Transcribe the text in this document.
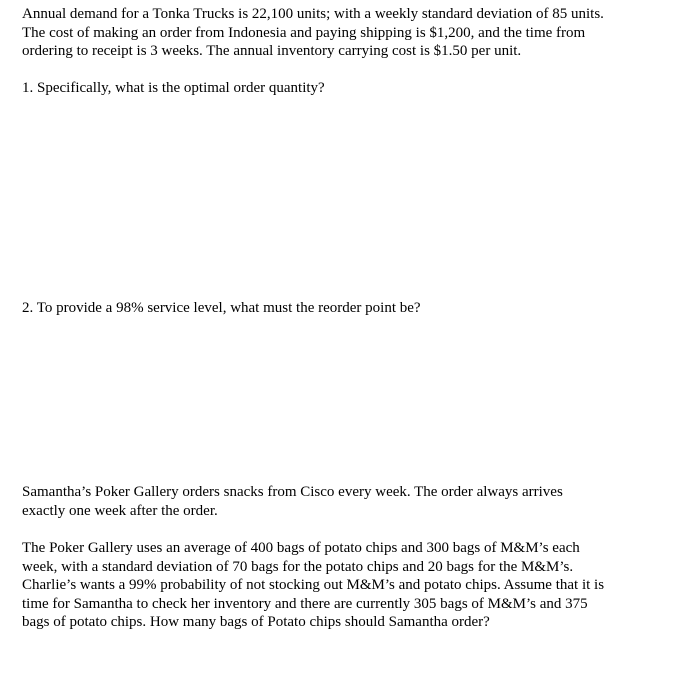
Annual demand for a Tonka Trucks is 22,100 units; with a weekly standard deviation of 85 units.
The cost of making an order from Indonesia and paying shipping is $1,200, and the time from
ordering to receipt is 3 weeks. The annual inventory carrying cost is $1.50 per unit.

1. Specifically, what is the optimal order quantity?

2. To provide a 98% service level, what must the reorder point be?

Samantha’s Poker Gallery orders snacks from Cisco every week. The order always arrives
exactly one week after the order.

The Poker Gallery uses an average of 400 bags of potato chips and 300 bags of M&M’s each
week, with a standard deviation of 70 bags for the potato chips and 20 bags for the M&M’s.
Charlie’s wants a 99% probability of not stocking out M&M’s and potato chips. Assume that it is
time for Samantha to check her inventory and there are currently 305 bags of M&M’s and 375
bags of potato chips. How many bags of Potato chips should Samantha order?
